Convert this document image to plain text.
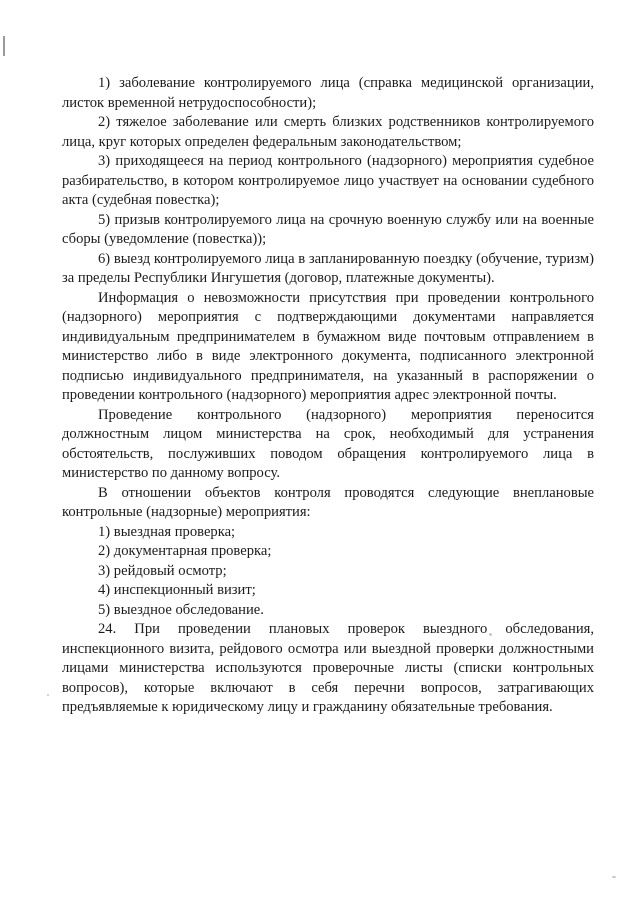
1) заболевание контролируемого лица (справка медицинской организации, листок временной нетрудоспособности);

2) тяжелое заболевание или смерть близких родственников контролируемого лица, круг которых определен федеральным законодательством;

3) приходящееся на период контрольного (надзорного) мероприятия судебное разбирательство, в котором контролируемое лицо участвует на основании судебного акта (судебная повестка);

5) призыв контролируемого лица на срочную военную службу или на военные сборы (уведомление (повестка));

6) выезд контролируемого лица в запланированную поездку (обучение, туризм) за пределы Республики Ингушетия (договор, платежные документы).

Информация о невозможности присутствия при проведении контрольного (надзорного) мероприятия с подтверждающими документами направляется индивидуальным предпринимателем в бумажном виде почтовым отправлением в министерство либо в виде электронного документа, подписанного электронной подписью индивидуального предпринимателя, на указанный в распоряжении о проведении контрольного (надзорного) мероприятия адрес электронной почты.

Проведение контрольного (надзорного) мероприятия переносится должностным лицом министерства на срок, необходимый для устранения обстоятельств, послуживших поводом обращения контролируемого лица в министерство по данному вопросу.

В отношении объектов контроля проводятся следующие внеплановые контрольные (надзорные) мероприятия:

1) выездная проверка;

2) документарная проверка;

3) рейдовый осмотр;

4) инспекционный визит;

5) выездное обследование.

24. При проведении плановых проверок выездного обследования, инспекционного визита, рейдового осмотра или выездной проверки должностными лицами министерства используются проверочные листы (списки контрольных вопросов), которые включают в себя перечни вопросов, затрагивающих предъявляемые к юридическому лицу и гражданину обязательные требования.
